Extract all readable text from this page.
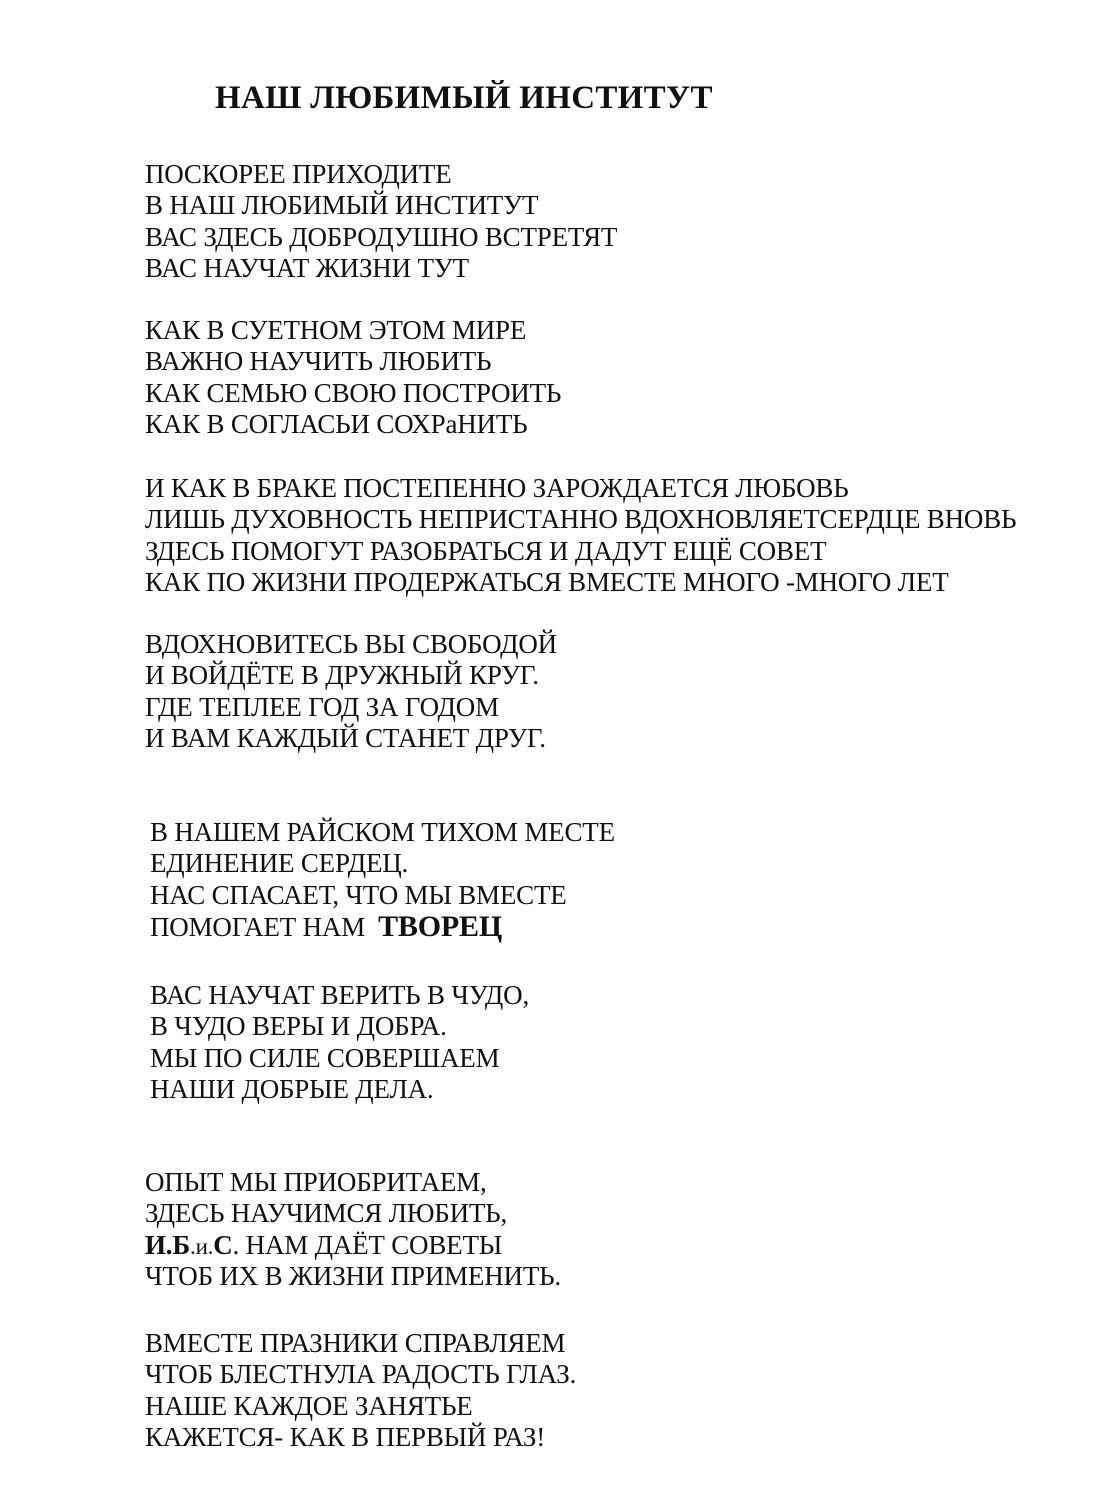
НАШ ЛЮБИМЫЙ ИНСТИТУТ
ПОСКОРЕЕ ПРИХОДИТЕ
В НАШ ЛЮБИМЫЙ ИНСТИТУТ
ВАС ЗДЕСЬ ДОБРОДУШНО ВСТРЕТЯТ
ВАС НАУЧАТ ЖИЗНИ ТУТ
КАК В СУЕТНОМ ЭТОМ МИРЕ
ВАЖНО НАУЧИТЬ ЛЮБИТЬ
КАК СЕМЬЮ СВОЮ ПОСТРОИТЬ
КАК В СОГЛАСЬИ СОХРаНИТЬ
И КАК В БРАКЕ ПОСТЕПЕННО ЗАРОЖДАЕТСЯ ЛЮБОВЬ
ЛИШЬ ДУХОВНОСТЬ НЕПРИСТАННО ВДОХНОВЛЯЕТСЕРДЦЕ ВНОВЬ
ЗДЕСЬ ПОМОГУТ РАЗОБРАТЬСЯ И ДАДУТ ЕЩЁ СОВЕТ
КАК ПО ЖИЗНИ ПРОДЕРЖАТЬСЯ ВМЕСТЕ МНОГО -МНОГО ЛЕТ
ВДОХНОВИТЕСЬ ВЫ СВОБОДОЙ
И ВОЙДЁТЕ В ДРУЖНЫЙ КРУГ.
ГДЕ ТЕПЛЕЕ ГОД ЗА ГОДОМ
И ВАМ КАЖДЫЙ СТАНЕТ ДРУГ.
В НАШЕМ РАЙСКОМ ТИХОМ МЕСТЕ
ЕДИНЕНИЕ СЕРДЕЦ.
НАС СПАСАЕТ, ЧТО МЫ ВМЕСТЕ
ПОМОГАЕТ НАМ  ТВОРЕЦ
ВАС НАУЧАТ ВЕРИТЬ В ЧУДО,
В ЧУДО ВЕРЫ И ДОБРА.
МЫ ПО СИЛЕ СОВЕРШАЕМ
НАШИ ДОБРЫЕ ДЕЛА.
ОПЫТ МЫ ПРИОБРИТАЕМ,
ЗДЕСЬ НАУЧИМСЯ ЛЮБИТЬ,
И.Б.и.С. НАМ ДАЁТ СОВЕТЫ
ЧТОБ ИХ В ЖИЗНИ ПРИМЕНИТЬ.
ВМЕСТЕ ПРАЗНИКИ СПРАВЛЯЕМ
ЧТОБ БЛЕСТНУЛА РАДОСТЬ ГЛАЗ.
НАШЕ КАЖДОЕ ЗАНЯТЬЕ
КАЖЕТСЯ- КАК В ПЕРВЫЙ РАЗ!
